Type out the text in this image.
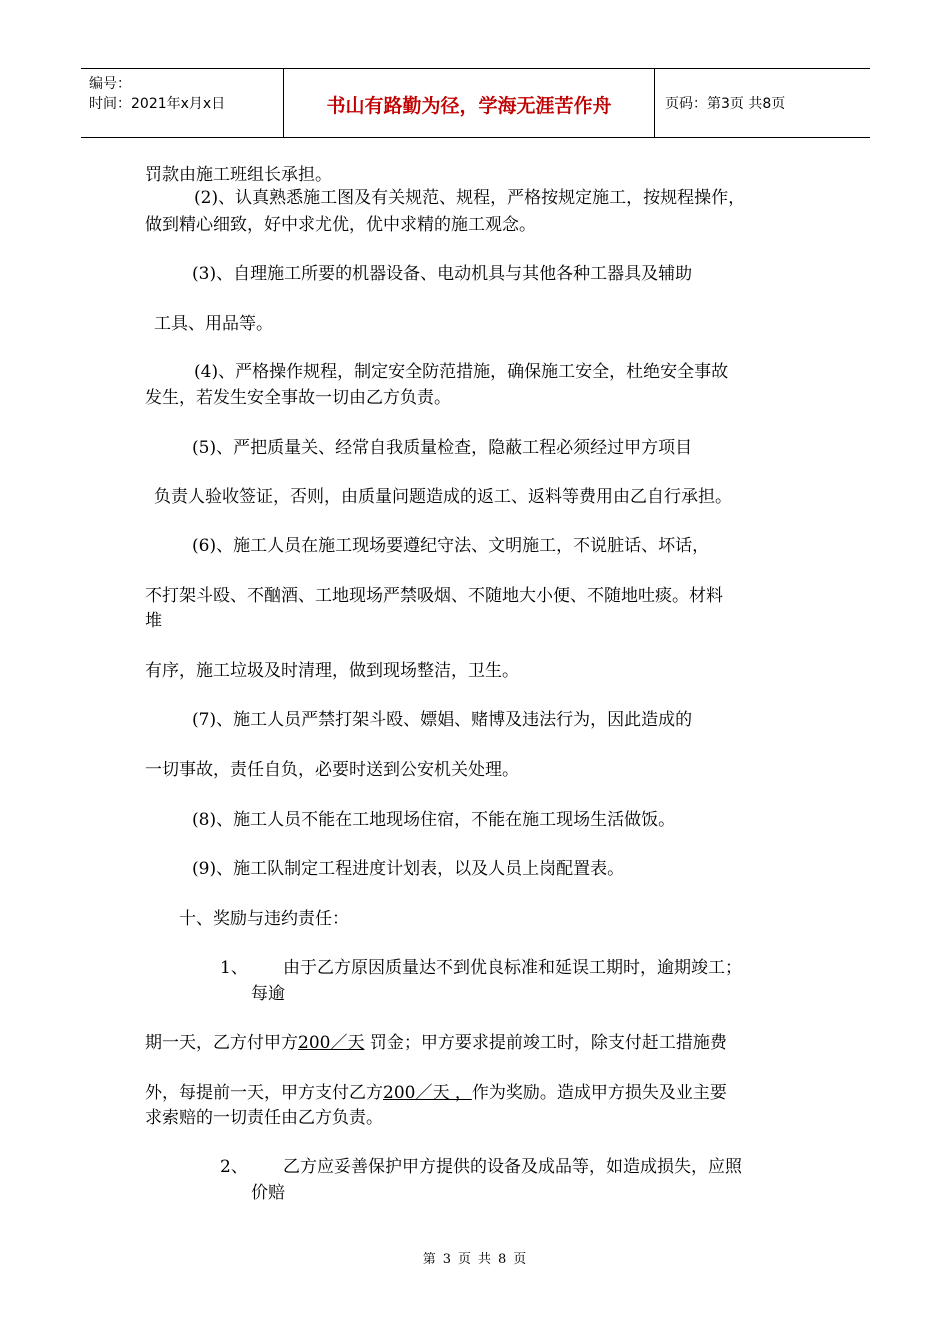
编号：
时间：2021年x月x日	书山有路勤为径，学海无涯苦作舟	页码：第3页 共8页
罚款由施工班组长承担。
(2)、认真熟悉施工图及有关规范、规程，严格按规定施工，按规程操作，
做到精心细致，好中求尤优，优中求精的施工观念。
(3)、自理施工所要的机器设备、电动机具与其他各种工器具及辅助
工具、用品等。
(4)、严格操作规程，制定安全防范措施，确保施工安全，杜绝安全事故
发生，若发生安全事故一切由乙方负责。
(5)、严把质量关、经常自我质量检查，隐蔽工程必须经过甲方项目
负责人验收签证，否则，由质量问题造成的返工、返料等费用由乙自行承担。
(6)、施工人员在施工现场要遵纪守法、文明施工，不说脏话、坏话，
不打架斗殴、不酗酒、工地现场严禁吸烟、不随地大小便、不随地吐痰。材料
堆
有序，施工垃圾及时清理，做到现场整洁，卫生。
(7)、施工人员严禁打架斗殴、嫖娼、赌博及违法行为，因此造成的
一切事故，责任自负，必要时送到公安机关处理。
(8)、施工人员不能在工地现场住宿，不能在施工现场生活做饭。
(9)、施工队制定工程进度计划表，以及人员上岗配置表。
十、奖励与违约责任：
1、 由于乙方原因质量达不到优良标准和延误工期时，逾期竣工；
每逾
期一天，乙方付甲方200／天 罚金；甲方要求提前竣工时，除支付赶工措施费
外，每提前一天，甲方支付乙方200／天 ，作为奖励。造成甲方损失及业主要
求索赔的一切责任由乙方负责。
2、 乙方应妥善保护甲方提供的设备及成品等，如造成损失，应照
价赔
第 3 页 共 8 页
